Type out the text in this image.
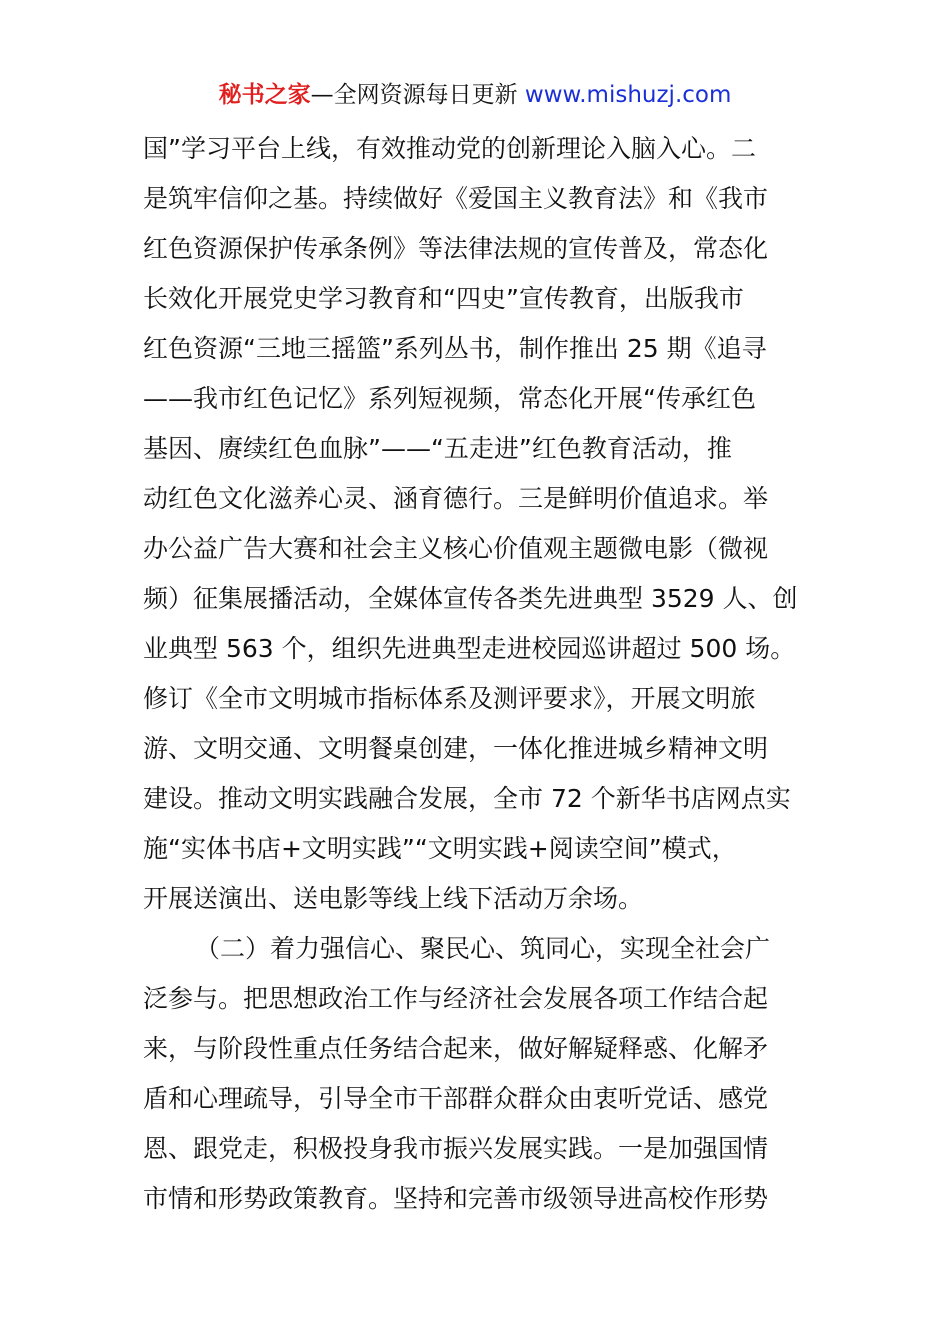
秘书之家—全网资源每日更新 www.mishuzj.com
国”学习平台上线，有效推动党的创新理论入脑入心。二
是筑牢信仰之基。持续做好《爱国主义教育法》和《我市
红色资源保护传承条例》等法律法规的宣传普及，常态化
长效化开展党史学习教育和“四史”宣传教育，出版我市
红色资源“三地三摇篮”系列丛书，制作推出 25 期《追寻
——我市红色记忆》系列短视频，常态化开展“传承红色
基因、赓续红色血脉”——“五走进”红色教育活动，推
动红色文化滋养心灵、涵育德行。三是鲜明价值追求。举
办公益广告大赛和社会主义核心价值观主题微电影（微视
频）征集展播活动，全媒体宣传各类先进典型 3529 人、创
业典型 563 个，组织先进典型走进校园巡讲超过 500 场。
修订《全市文明城市指标体系及测评要求》，开展文明旅
游、文明交通、文明餐桌创建，一体化推进城乡精神文明
建设。推动文明实践融合发展，全市 72 个新华书店网点实
施“实体书店+文明实践”“文明实践+阅读空间”模式，
开展送演出、送电影等线上线下活动万余场。
（二）着力强信心、聚民心、筑同心，实现全社会广
泛参与。把思想政治工作与经济社会发展各项工作结合起
来，与阶段性重点任务结合起来，做好解疑释惑、化解矛
盾和心理疏导，引导全市干部群众群众由衷听党话、感党
恩、跟党走，积极投身我市振兴发展实践。一是加强国情
市情和形势政策教育。坚持和完善市级领导进高校作形势
